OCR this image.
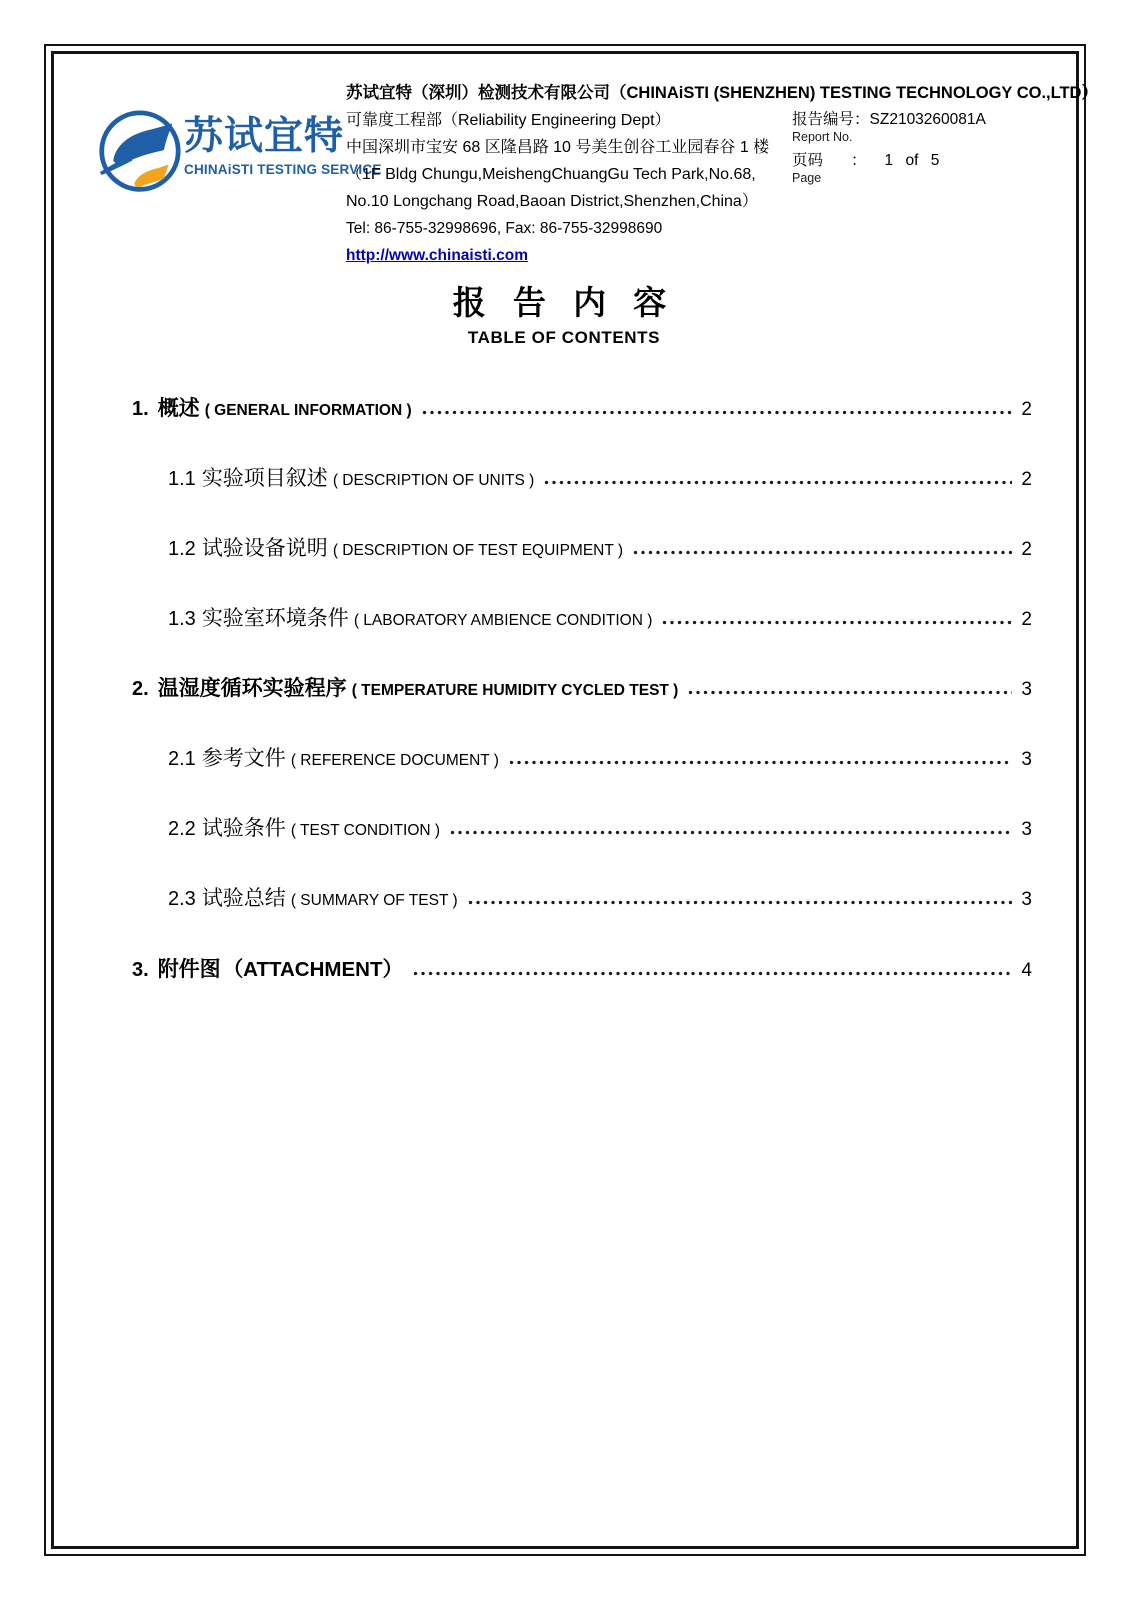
苏试宜特
CHINAiSTI TESTING SERVICE
苏试宜特（深圳）检测技术有限公司（CHINAiSTI (SHENZHEN) TESTING TECHNOLOGY CO.,LTD）
可靠度工程部（Reliability Engineering Dept）
中国深圳市宝安 68 区隆昌路 10 号美生创谷工业园春谷 1 楼
（1F Bldg Chungu,MeishengChuangGu Tech Park,No.68,
No.10 Longchang Road,Baoan District,Shenzhen,China）
Tel: 86-755-32998696, Fax: 86-755-32998690
http://www.chinaisti.com
报告编号：SZ2103260081A
Report No.
页码 ： 1 of 5
Page
报 告 内 容
TABLE OF CONTENTS
1. 概述 ( GENERAL INFORMATION )	2
1.1 实验项目叙述 ( DESCRIPTION OF UNITS )	2
1.2 试验设备说明 ( DESCRIPTION OF TEST EQUIPMENT )	2
1.3 实验室环境条件 ( LABORATORY AMBIENCE CONDITION )	2
2. 温湿度循环实验程序 ( TEMPERATURE HUMIDITY CYCLED TEST )	3
2.1 参考文件 ( REFERENCE DOCUMENT )	3
2.2 试验条件 ( TEST CONDITION )	3
2.3 试验总结 ( SUMMARY OF TEST )	3
3. 附件图 （ATTACHMENT）	4
